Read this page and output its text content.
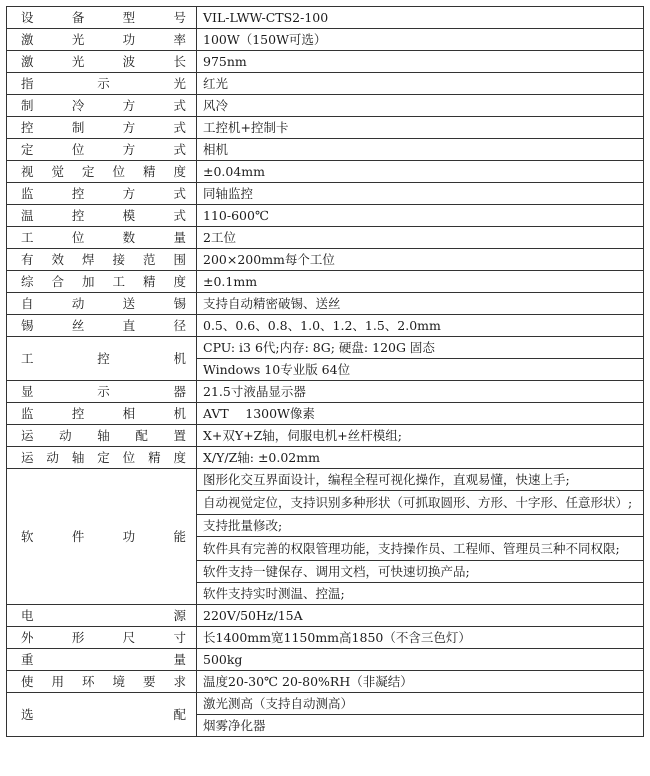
设备型号	VIL-LWW-CTS2-100
激光功率	100W（150W可选）
激光波长	975nm
指示光	红光
制冷方式	风冷
控制方式	工控机+控制卡
定位方式	相机
视觉定位精度	±0.04mm
监控方式	同轴监控
温控模式	110-600℃
工位数量	2工位
有效焊接范围	200×200mm每个工位
综合加工精度	±0.1mm
自动送锡	支持自动精密破锡、送丝
锡丝直径	0.5、0.6、0.8、1.0、1.2、1.5、2.0mm
工控机	CPU: i3 6代;内存: 8G; 硬盘: 120G 固态
	Windows 10专业版 64位
显示器	21.5寸液晶显示器
监控相机	AVT　 1300W像素
运动轴配置	X+双Y+Z轴，伺服电机+丝杆模组;
运动轴定位精度	X/Y/Z轴: ±0.02mm
软件功能	图形化交互界面设计，编程全程可视化操作，直观易懂，快速上手;
	自动视觉定位，支持识别多种形状（可抓取圆形、方形、十字形、任意形状）;
	支持批量修改;
	软件具有完善的权限管理功能，支持操作员、工程师、管理员三种不同权限;
	软件支持一键保存、调用文档，可快速切换产品;
	软件支持实时测温、控温;
电源	220V/50Hz/15A
外形尺寸	长1400mm宽1150mm高1850（不含三色灯）
重量	500kg
使用环境要求	温度20-30℃ 20-80%RH（非凝结）
选配	激光测高（支持自动测高）
	烟雾净化器
